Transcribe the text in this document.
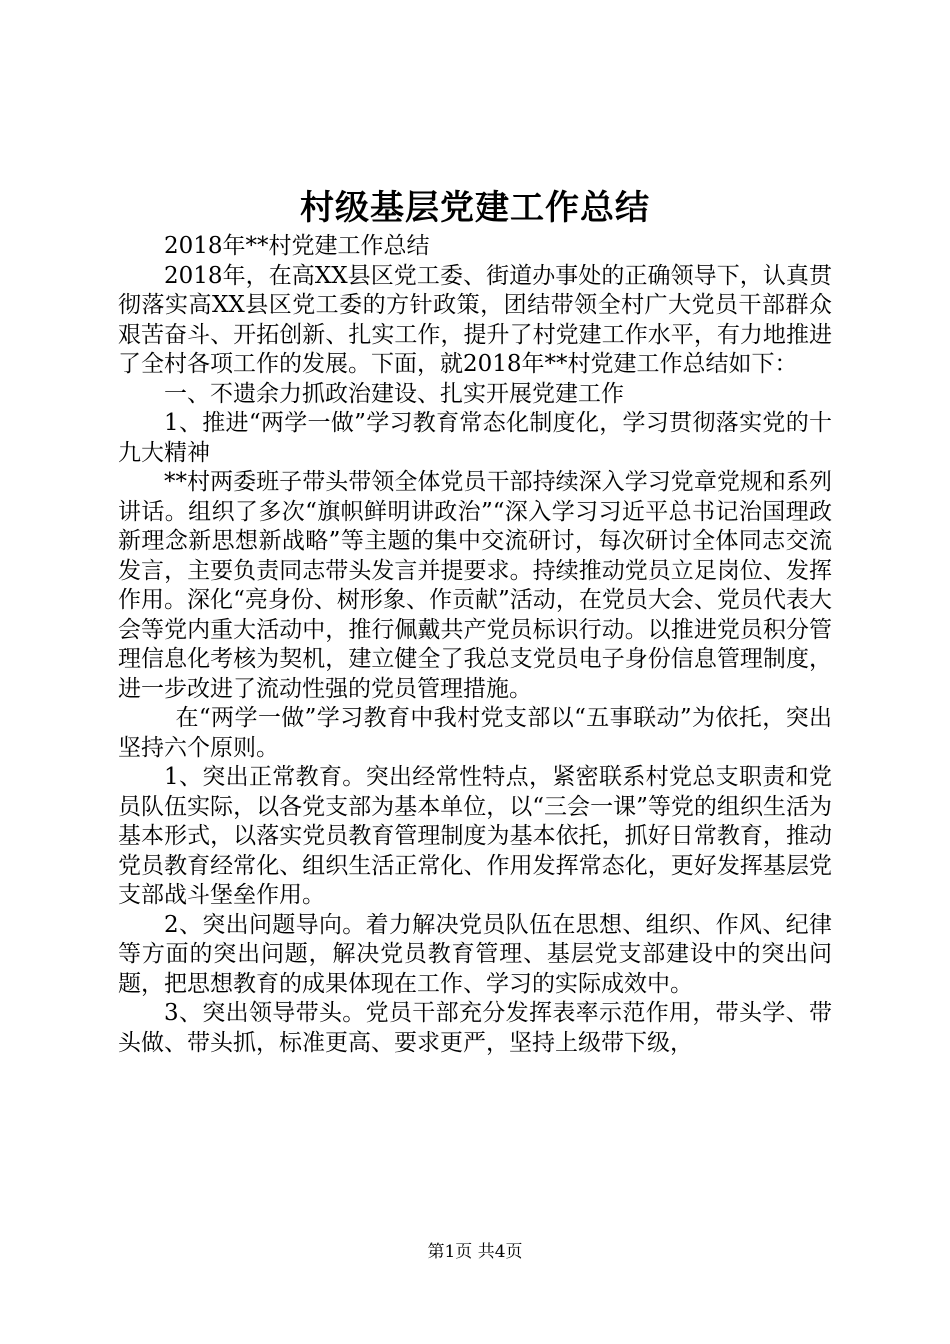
村级基层党建工作总结

2018年**村党建工作总结

2018年，在高XX县区党工委、街道办事处的正确领导下，认真贯彻落实高XX县区党工委的方针政策，团结带领全村广大党员干部群众艰苦奋斗、开拓创新、扎实工作，提升了村党建工作水平，有力地推进了全村各项工作的发展。下面，就2018年**村党建工作总结如下：

一、不遗余力抓政治建设、扎实开展党建工作

1、推进“两学一做”学习教育常态化制度化，学习贯彻落实党的十九大精神

**村两委班子带头带领全体党员干部持续深入学习党章党规和系列讲话。组织了多次“旗帜鲜明讲政治”“深入学习习近平总书记治国理政新理念新思想新战略”等主题的集中交流研讨，每次研讨全体同志交流发言，主要负责同志带头发言并提要求。持续推动党员立足岗位、发挥作用。深化“亮身份、树形象、作贡献”活动，在党员大会、党员代表大会等党内重大活动中，推行佩戴共产党员标识行动。以推进党员积分管理信息化考核为契机，建立健全了我总支党员电子身份信息管理制度，进一步改进了流动性强的党员管理措施。

在“两学一做”学习教育中我村党支部以“五事联动”为依托，突出坚持六个原则。

1、突出正常教育。突出经常性特点，紧密联系村党总支职责和党员队伍实际，以各党支部为基本单位，以“三会一课”等党的组织生活为基本形式，以落实党员教育管理制度为基本依托，抓好日常教育，推动党员教育经常化、组织生活正常化、作用发挥常态化，更好发挥基层党支部战斗堡垒作用。

2、突出问题导向。着力解决党员队伍在思想、组织、作风、纪律等方面的突出问题，解决党员教育管理、基层党支部建设中的突出问题，把思想教育的成果体现在工作、学习的实际成效中。

3、突出领导带头。党员干部充分发挥表率示范作用，带头学、带头做、带头抓，标准更高、要求更严，坚持上级带下级，

第1页 共4页
